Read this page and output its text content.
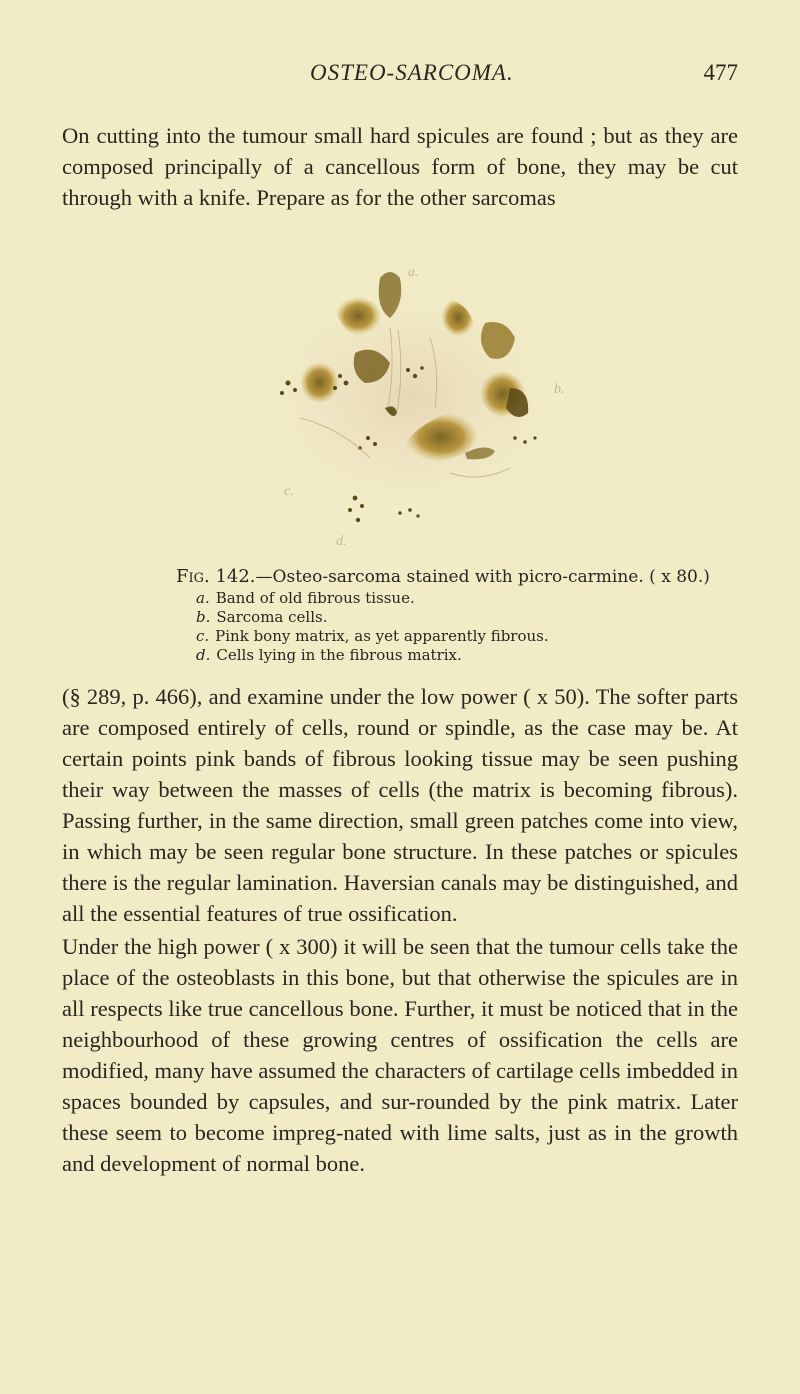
OSTEO-SARCOMA.	477

On cutting into the tumour small hard spicules are found ; but as they are composed principally of a cancellous form of bone, they may be cut through with a knife. Prepare as for the other sarcomas

a.
b.
c.
d.

Fig. 142.—Osteo-sarcoma stained with picro-carmine. ( x 80.)

a. Band of old fibrous tissue.

b. Sarcoma cells.

c. Pink bony matrix, as yet apparently fibrous.

d. Cells lying in the fibrous matrix.

(§ 289, p. 466), and examine under the low power ( x 50). The softer parts are composed entirely of cells, round or spindle, as the case may be. At certain points pink bands of fibrous looking tissue may be seen pushing their way between the masses of cells (the matrix is becoming fibrous). Passing further, in the same direction, small green patches come into view, in which may be seen regular bone structure. In these patches or spicules there is the regular lamination. Haversian canals may be distinguished, and all the essential features of true ossification.

Under the high power ( x 300) it will be seen that the tumour cells take the place of the osteoblasts in this bone, but that otherwise the spicules are in all respects like true cancellous bone. Further, it must be noticed that in the neighbourhood of these growing centres of ossification the cells are modified, many have assumed the characters of cartilage cells imbedded in spaces bounded by capsules, and sur-rounded by the pink matrix. Later these seem to become impreg-nated with lime salts, just as in the growth and development of normal bone.
